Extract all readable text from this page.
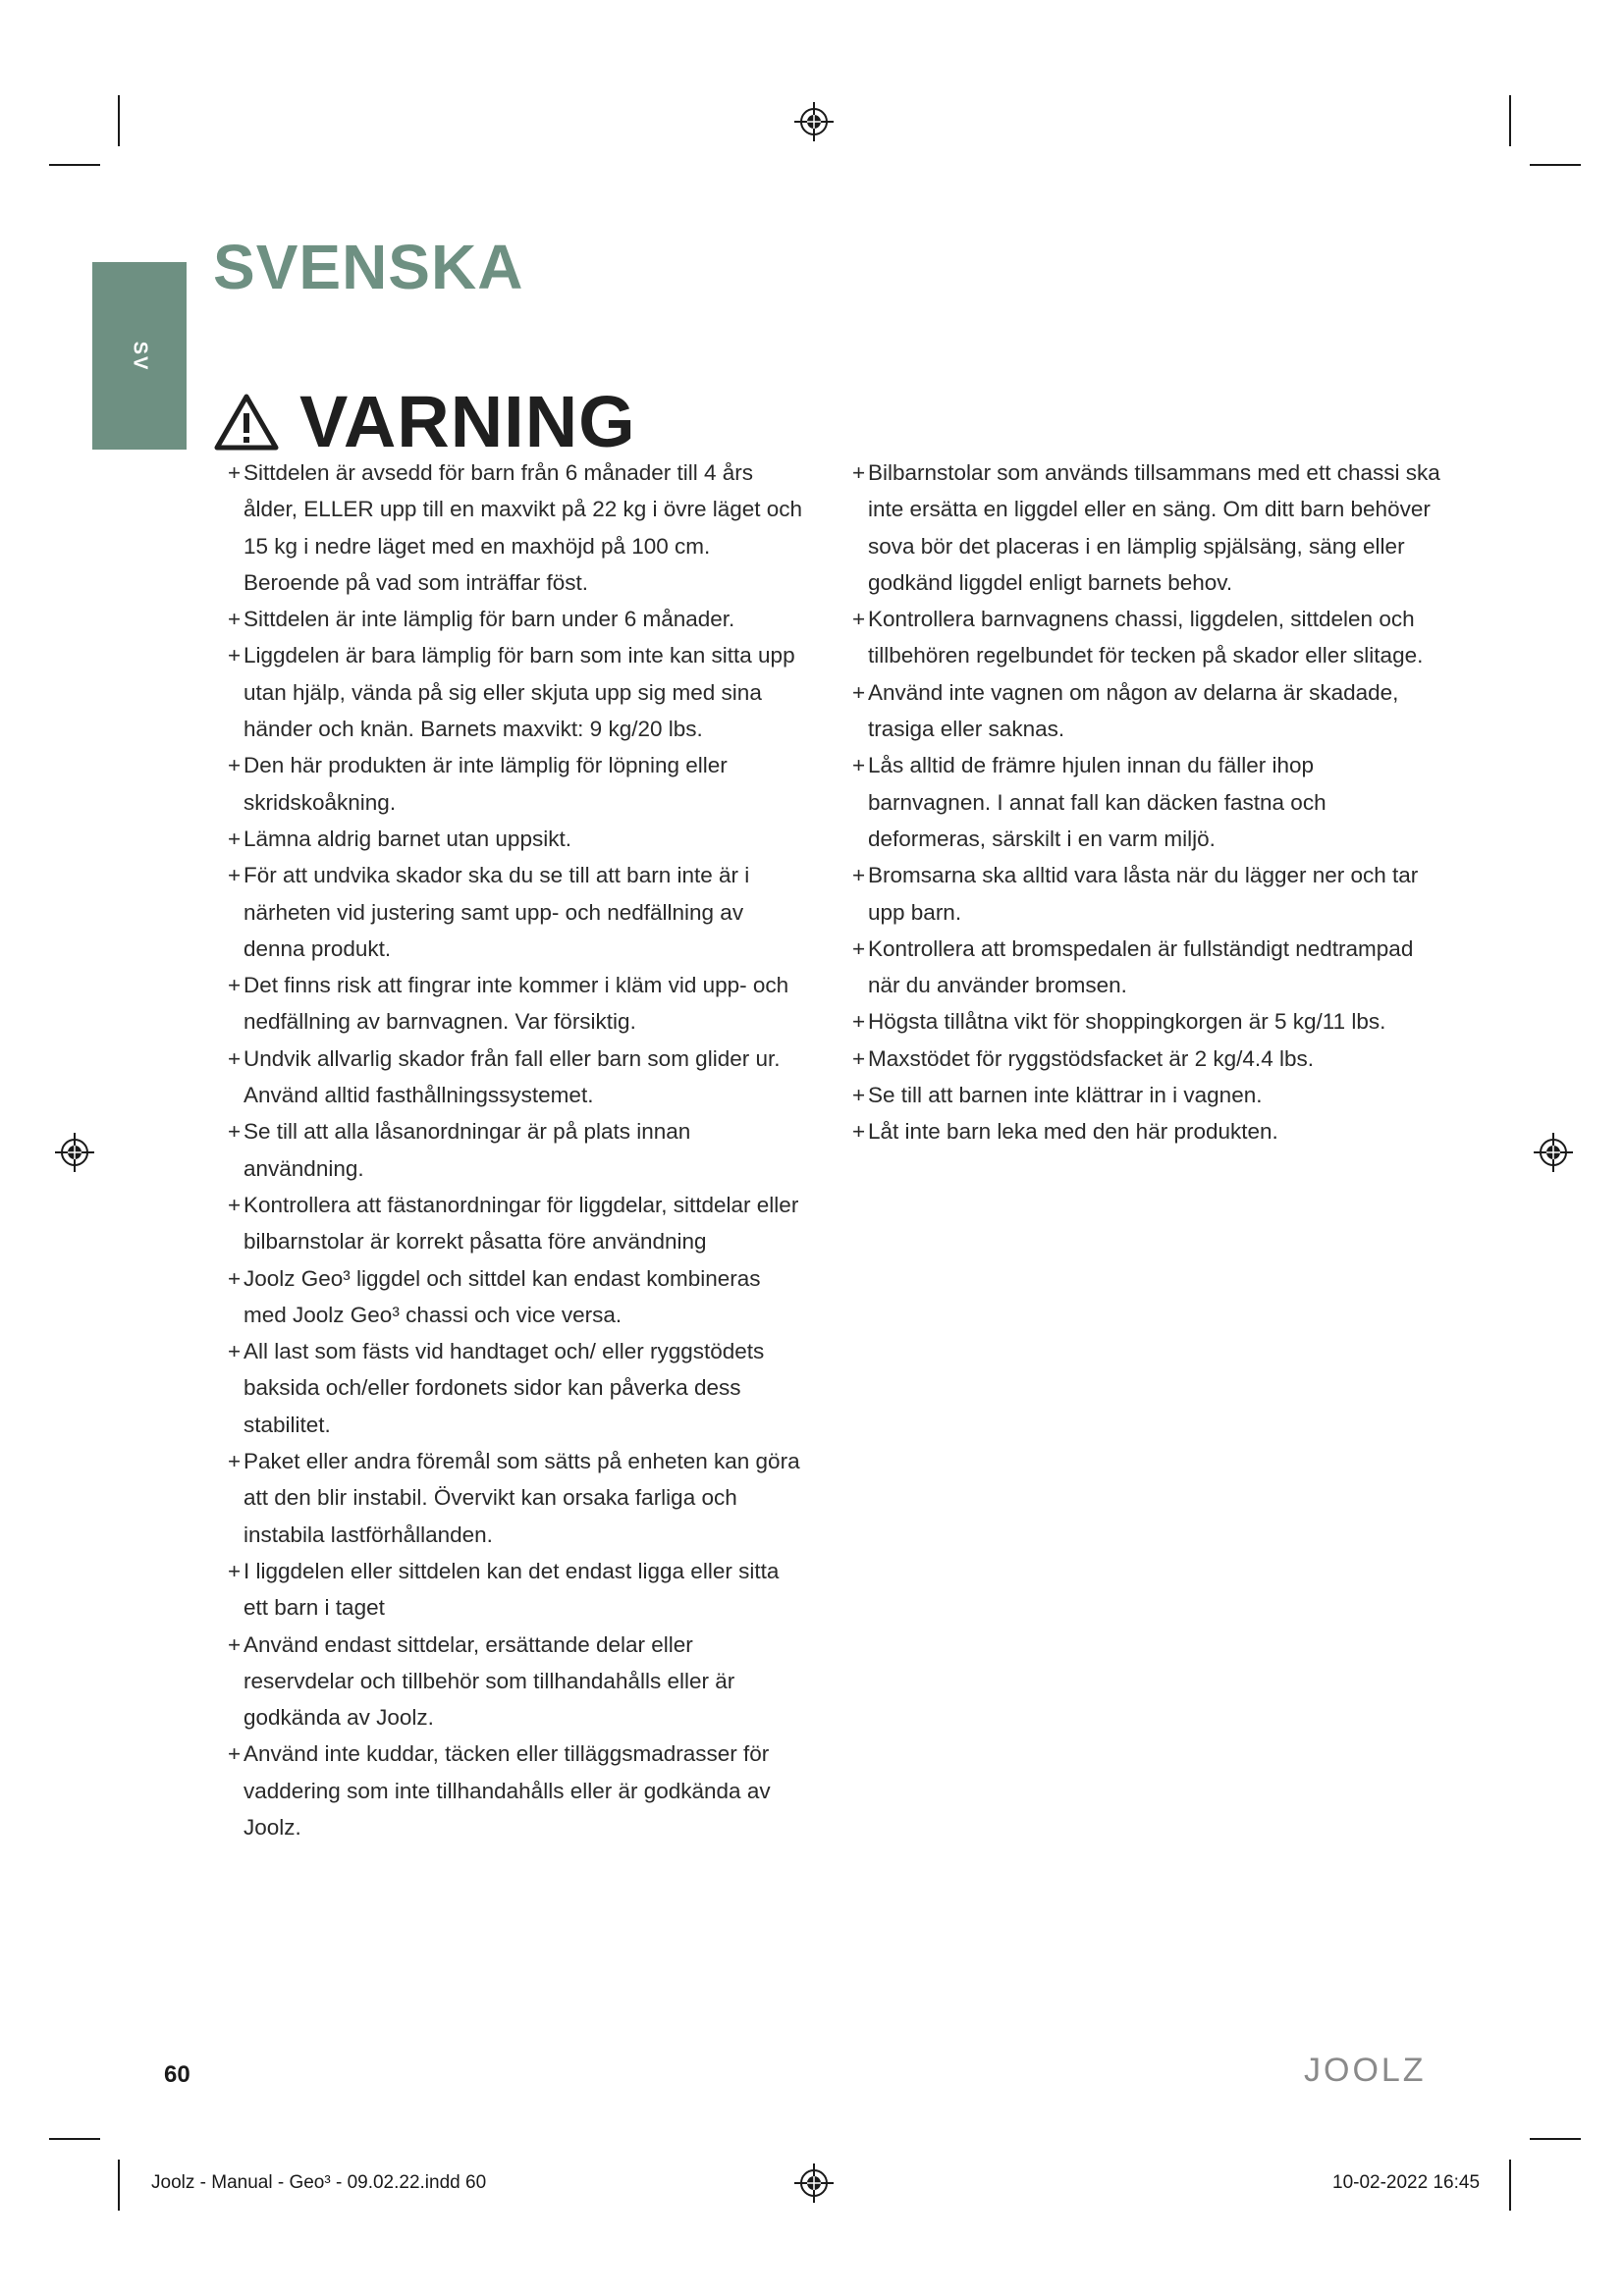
SV
SVENSKA
VARNING
+ Sittdelen är avsedd för barn från 6 månader till 4 års ålder, ELLER upp till en maxvikt på 22 kg i övre läget och 15 kg i nedre läget med en maxhöjd på 100 cm. Beroende på vad som inträffar föst.
+ Sittdelen är inte lämplig för barn under 6 månader.
+ Liggdelen är bara lämplig för barn som inte kan sitta upp utan hjälp, vända på sig eller skjuta upp sig med sina händer och knän. Barnets maxvikt: 9 kg/20 lbs.
+ Den här produkten är inte lämplig för löpning eller skridskoåkning.
+ Lämna aldrig barnet utan uppsikt.
+ För att undvika skador ska du se till att barn inte är i närheten vid justering samt upp- och nedfällning av denna produkt.
+ Det finns risk att fingrar inte kommer i kläm vid upp- och nedfällning av barnvagnen. Var försiktig.
+ Undvik allvarlig skador från fall eller barn som glider ur. Använd alltid fasthållningssystemet.
+ Se till att alla låsanordningar är på plats innan användning.
+ Kontrollera att fästanordningar för liggdelar, sittdelar eller bilbarnstolar är korrekt påsatta före användning
+ Joolz Geo³ liggdel och sittdel kan endast kombineras med Joolz Geo³ chassi och vice versa.
+ All last som fästs vid handtaget och/ eller ryggstödets baksida och/eller fordonets sidor kan påverka dess stabilitet.
+ Paket eller andra föremål som sätts på enheten kan göra att den blir instabil. Övervikt kan orsaka farliga och instabila lastförhållanden.
+ I liggdelen eller sittdelen kan det endast ligga eller sitta ett barn i taget
+ Använd endast sittdelar, ersättande delar eller reservdelar och tillbehör som tillhandahålls eller är godkända av Joolz.
+ Använd inte kuddar, täcken eller tilläggsmadrasser för vaddering som inte tillhandahålls eller är godkända av Joolz.
+ Bilbarnstolar som används tillsammans med ett chassi ska inte ersätta en liggdel eller en säng. Om ditt barn behöver sova bör det placeras i en lämplig spjälsäng, säng eller godkänd liggdel enligt barnets behov.
+ Kontrollera barnvagnens chassi, liggdelen, sittdelen och tillbehören regelbundet för tecken på skador eller slitage.
+ Använd inte vagnen om någon av delarna är skadade, trasiga eller saknas.
+ Lås alltid de främre hjulen innan du fäller ihop barnvagnen. I annat fall kan däcken fastna och deformeras, särskilt i en varm miljö.
+ Bromsarna ska alltid vara låsta när du lägger ner och tar upp barn.
+ Kontrollera att bromspedalen är fullständigt nedtrampad när du använder bromsen.
+ Högsta tillåtna vikt för shoppingkorgen är 5 kg/11 lbs.
+ Maxstödet för ryggstödsfacket är 2 kg/4.4 lbs.
+ Se till att barnen inte klättrar in i vagnen.
+ Låt inte barn leka med den här produkten.
60	JOOLZ
Joolz - Manual - Geo³ - 09.02.22.indd 60	10-02-2022 16:45
